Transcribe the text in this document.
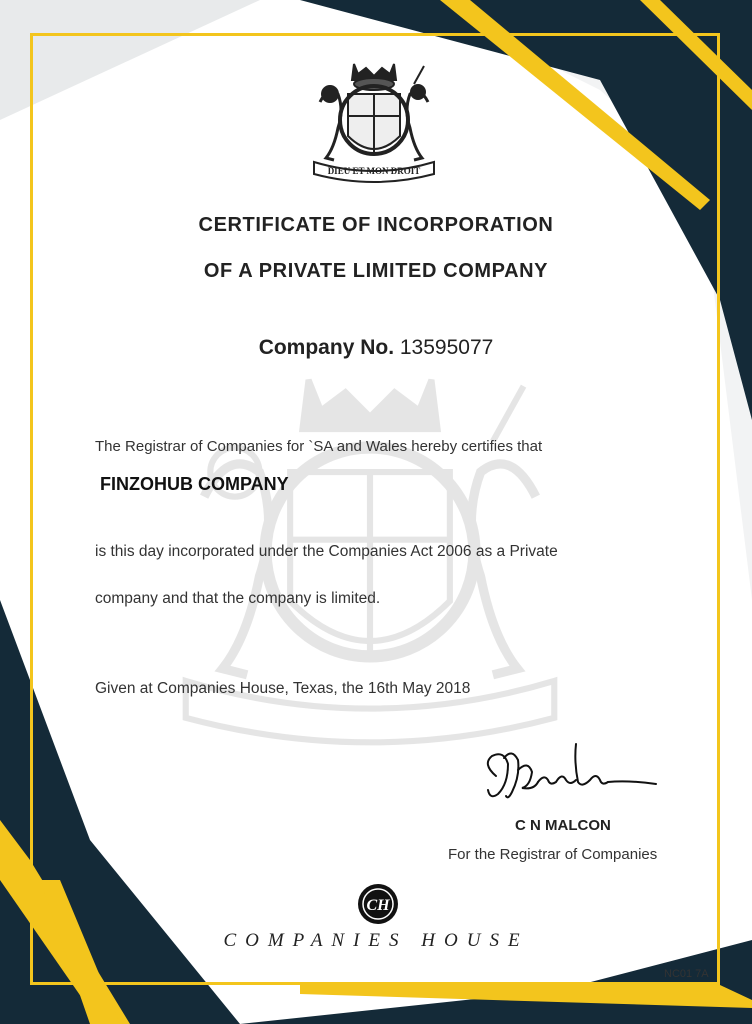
DIEU ET MON DROIT
CERTIFICATE OF INCORPORATION
OF A PRIVATE LIMITED COMPANY
Company No. 13595077
The Registrar of Companies for `SA and Wales hereby certifies that
FINZOHUB COMPANY
is this day incorporated under the Companies Act 2006 as a Private
company and that the company is limited.
Given at Companies House, Texas, the 16th May 2018
C N MALCON
For the Registrar of Companies
CH
COMPANIES HOUSE
NC01 7A
